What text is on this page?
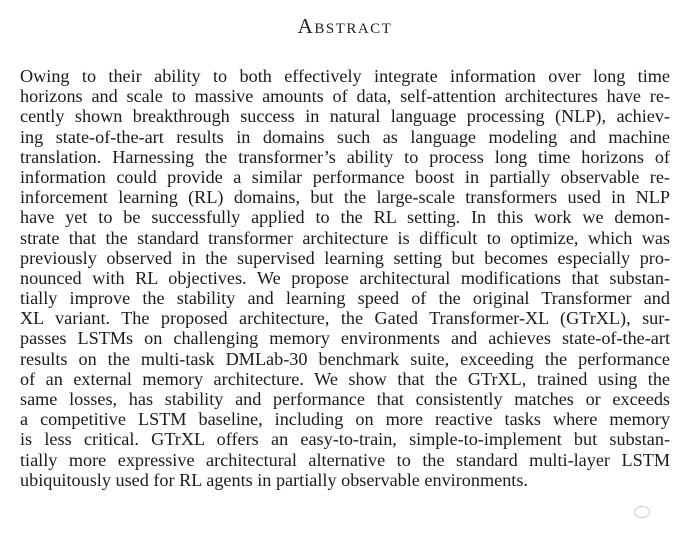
Abstract
Owing to their ability to both effectively integrate information over long time
horizons and scale to massive amounts of data, self-attention architectures have re-
cently shown breakthrough success in natural language processing (NLP), achiev-
ing state-of-the-art results in domains such as language modeling and machine
translation. Harnessing the transformer’s ability to process long time horizons of
information could provide a similar performance boost in partially observable re-
inforcement learning (RL) domains, but the large-scale transformers used in NLP
have yet to be successfully applied to the RL setting. In this work we demon-
strate that the standard transformer architecture is difficult to optimize, which was
previously observed in the supervised learning setting but becomes especially pro-
nounced with RL objectives. We propose architectural modifications that substan-
tially improve the stability and learning speed of the original Transformer and
XL variant. The proposed architecture, the Gated Transformer-XL (GTrXL), sur-
passes LSTMs on challenging memory environments and achieves state-of-the-art
results on the multi-task DMLab-30 benchmark suite, exceeding the performance
of an external memory architecture. We show that the GTrXL, trained using the
same losses, has stability and performance that consistently matches or exceeds
a competitive LSTM baseline, including on more reactive tasks where memory
is less critical. GTrXL offers an easy-to-train, simple-to-implement but substan-
tially more expressive architectural alternative to the standard multi-layer LSTM
ubiquitously used for RL agents in partially observable environments.
